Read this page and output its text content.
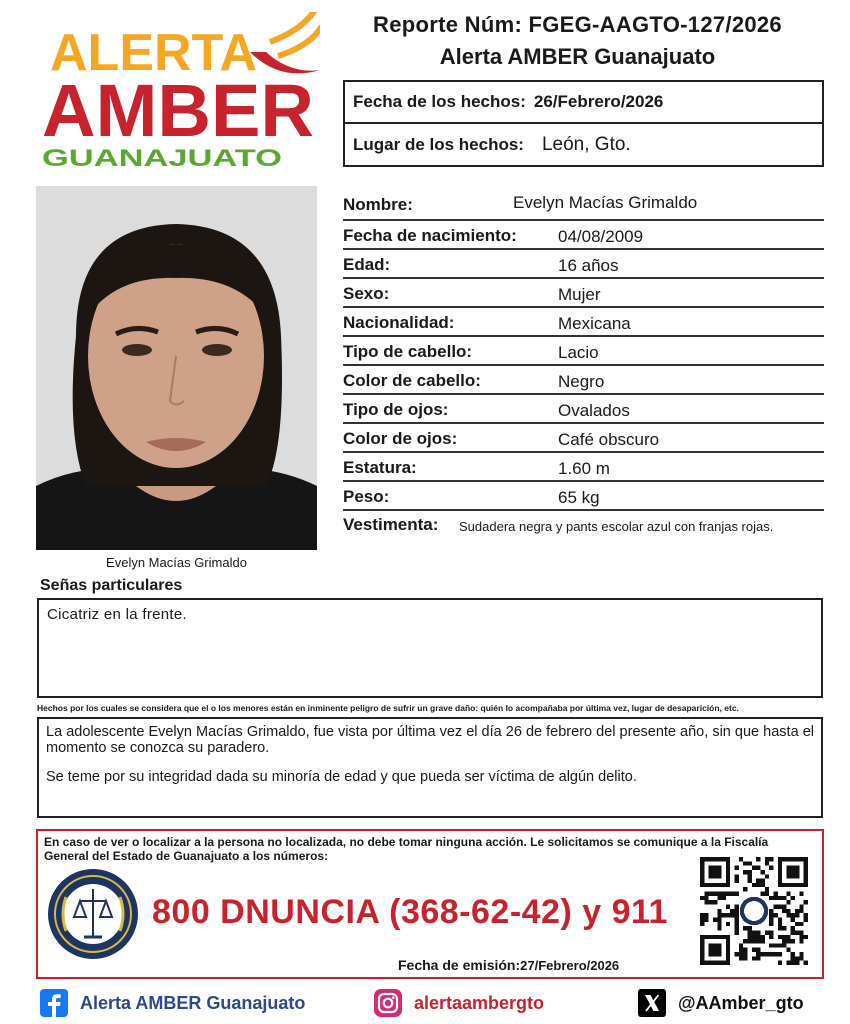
ALERTA
AMBER
GUANAJUATO
Reporte Núm: FGEG-AAGTO-127/2026
Alerta AMBER Guanajuato
Fecha de los hechos: 26/Febrero/2026
Lugar de los hechos: León, Gto.
Evelyn Macías Grimaldo
Nombre:	Evelyn Macías Grimaldo
Fecha de nacimiento: 04/08/2009
Edad:	16 años
Sexo:	Mujer
Nacionalidad:	Mexicana
Tipo de cabello:	Lacio
Color de cabello:	Negro
Tipo de ojos:	Ovalados
Color de ojos:	Café obscuro
Estatura:	1.60 m
Peso:	65 kg
Vestimenta: Sudadera negra y pants escolar azul con franjas rojas.
Señas particulares
Cicatriz en la frente.
Hechos por los cuales se considera que el o los menores están en inminente peligro de sufrir un grave daño: quién lo acompañaba por última vez, lugar de desaparición, etc.

La adolescente Evelyn Macías Grimaldo, fue vista por última vez el día 26 de febrero del presente año, sin que hasta el momento se conozca su paradero.

Se teme por su integridad dada su minoría de edad y que pueda ser víctima de algún delito.

En caso de ver o localizar a la persona no localizada, no debe tomar ninguna acción. Le solicitamos se comunique a la Fiscalía General del Estado de Guanajuato a los números:
800 DNUNCIA (368-62-42) y 911
Fecha de emisión:27/Febrero/2026
Alerta AMBER Guanajuato	alertaambergto	@AAmber_gto
